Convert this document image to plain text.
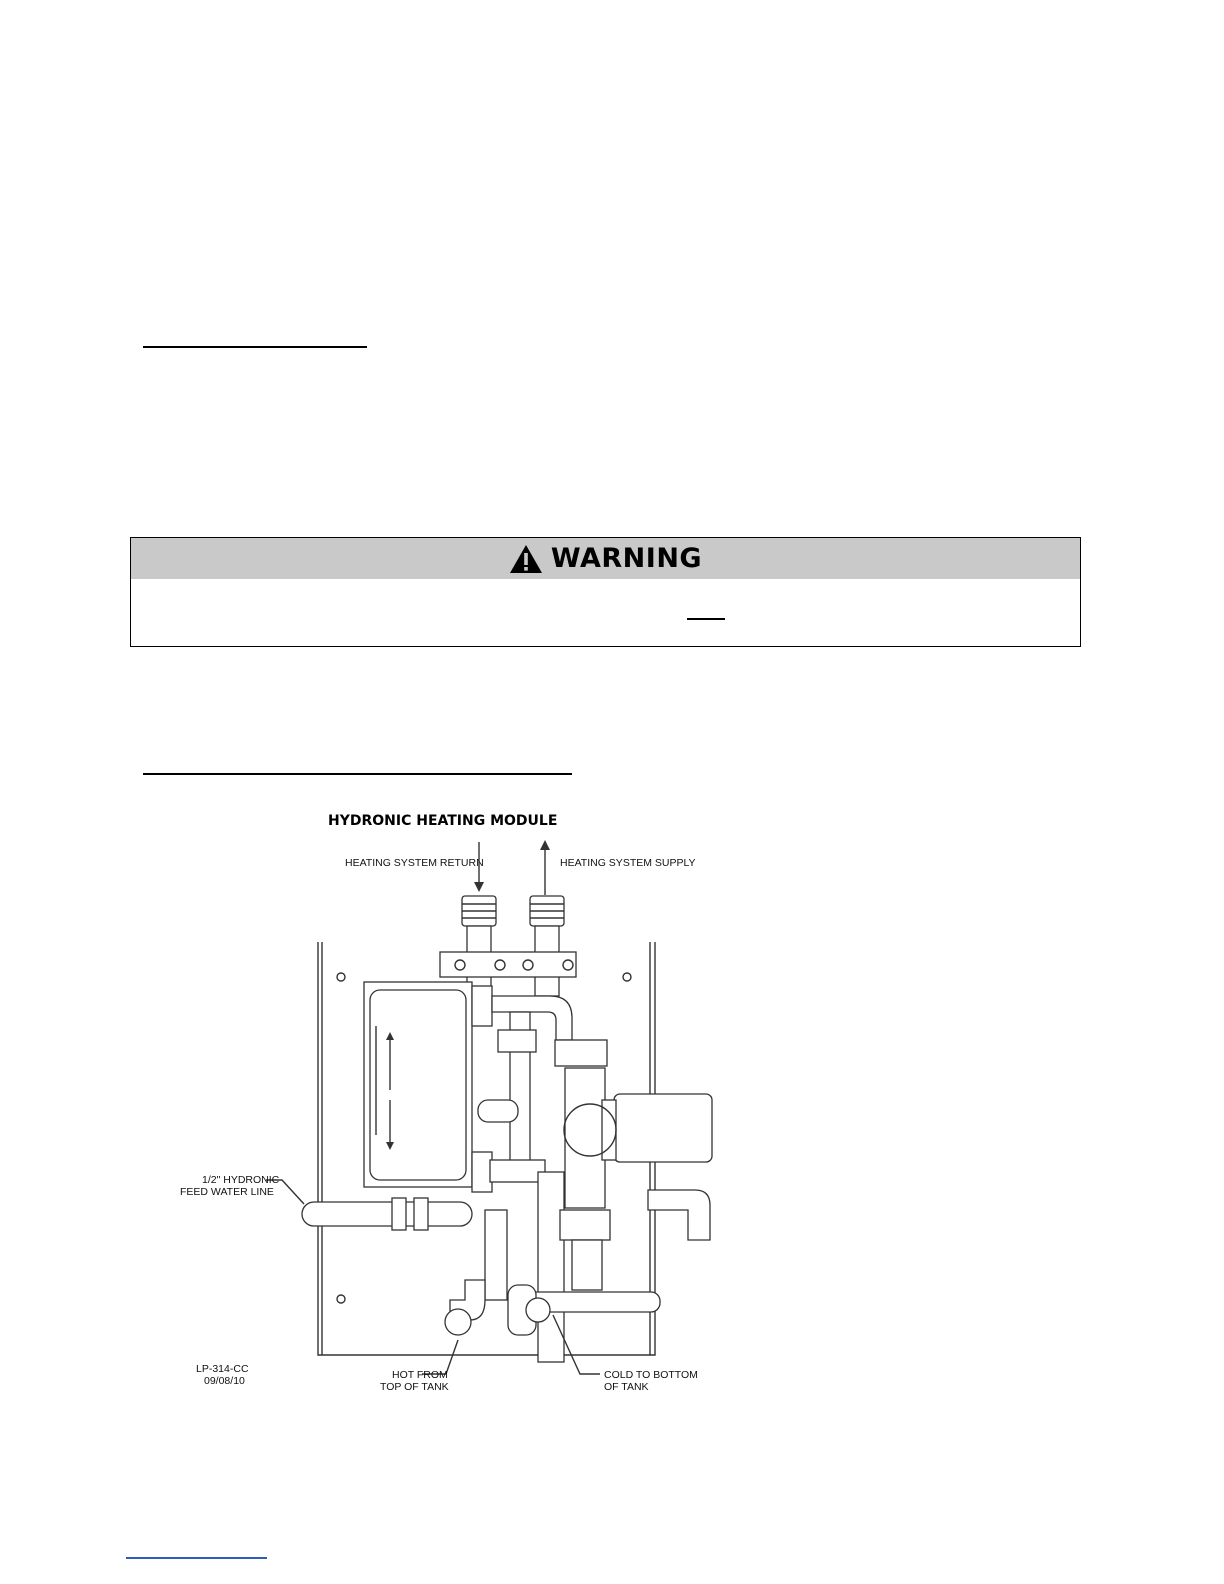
WARNING
HYDRONIC HEATING MODULE
HEATING SYSTEM RETURN	HEATING SYSTEM SUPPLY
1/2" HYDRONIC
FEED WATER LINE
HOT FROM
TOP OF TANK
COLD TO BOTTOM
OF TANK
LP-314-CC
09/08/10
